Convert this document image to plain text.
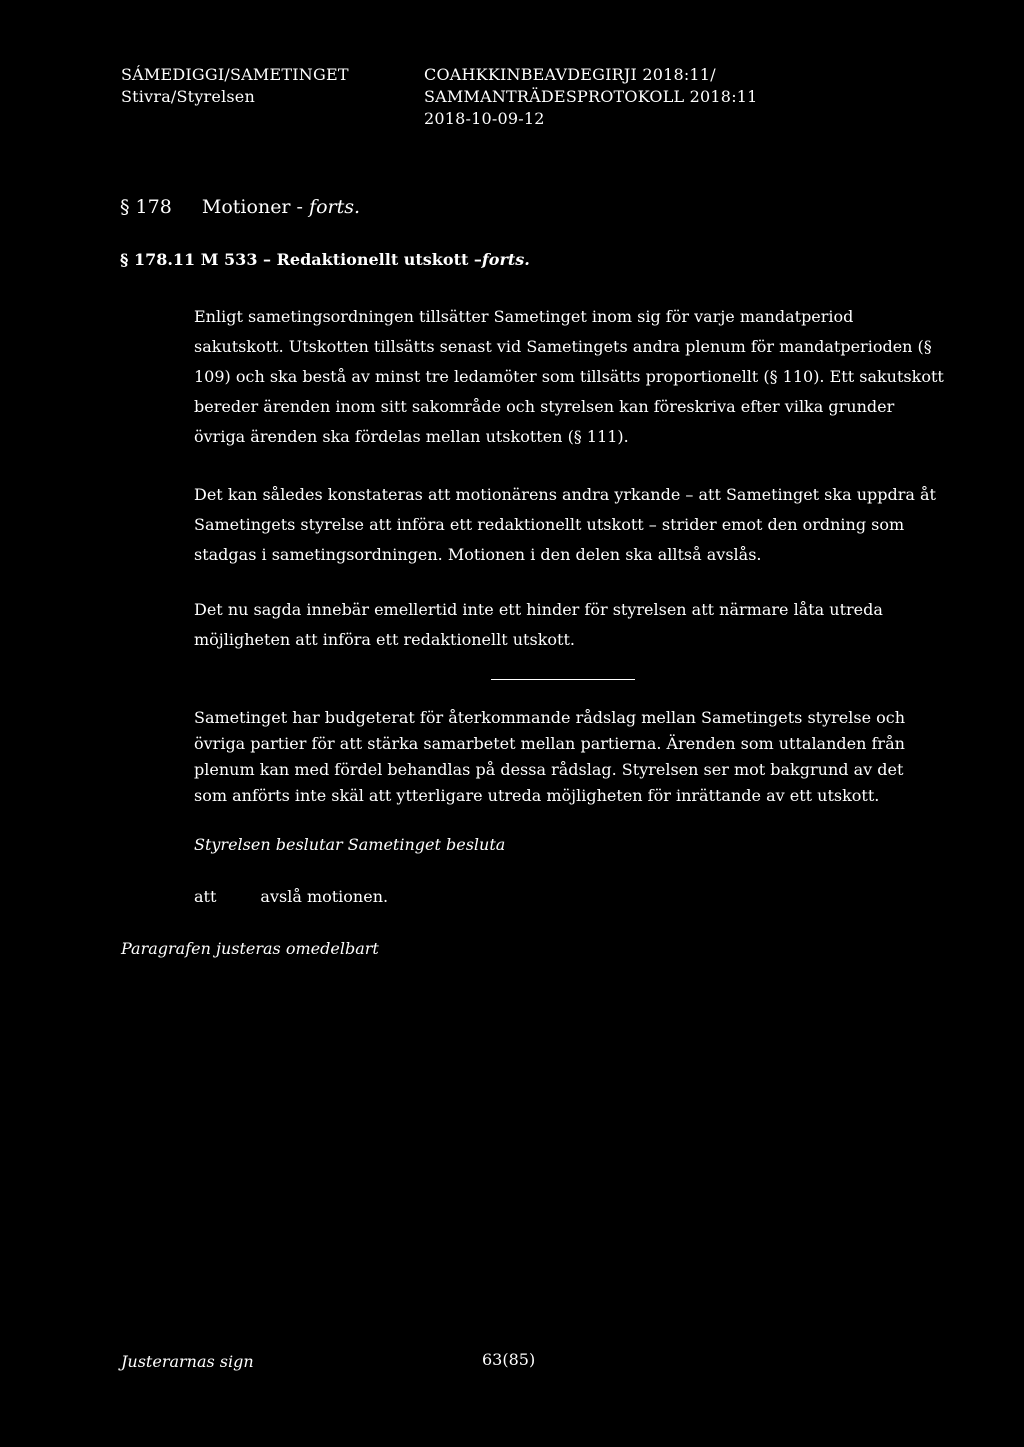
SÁMEDIGGI/SAMETINGET
Stivra/Styrelsen
COAHKKINBEAVDEGIRJI 2018:11/
SAMMANTRÄDESPROTOKOLL 2018:11
2018-10-09-12
§ 178 Motioner - forts.
§ 178.11 M 533 – Redaktionellt utskott –forts.
Enligt sametingsordningen tillsätter Sametinget inom sig för varje mandatperiod
sakutskott. Utskotten tillsätts senast vid Sametingets andra plenum för mandatperioden (§
109) och ska bestå av minst tre ledamöter som tillsätts proportionellt (§ 110). Ett sakutskott
bereder ärenden inom sitt sakområde och styrelsen kan föreskriva efter vilka grunder
övriga ärenden ska fördelas mellan utskotten (§ 111).
Det kan således konstateras att motionärens andra yrkande – att Sametinget ska uppdra åt
Sametingets styrelse att införa ett redaktionellt utskott – strider emot den ordning som
stadgas i sametingsordningen. Motionen i den delen ska alltså avslås.
Det nu sagda innebär emellertid inte ett hinder för styrelsen att närmare låta utreda
möjligheten att införa ett redaktionellt utskott.
Sametinget har budgeterat för återkommande rådslag mellan Sametingets styrelse och
övriga partier för att stärka samarbetet mellan partierna. Ärenden som uttalanden från
plenum kan med fördel behandlas på dessa rådslag. Styrelsen ser mot bakgrund av det
som anförts inte skäl att ytterligare utreda möjligheten för inrättande av ett utskott.
Styrelsen beslutar Sametinget besluta
att	avslå motionen.
Paragrafen justeras omedelbart
Justerarnas sign	63(85)
